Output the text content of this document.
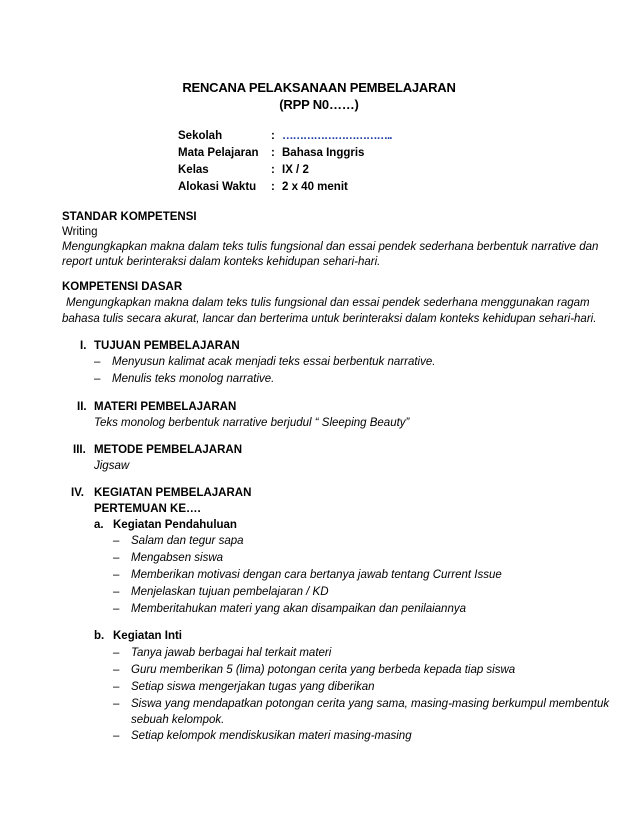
RENCANA PELAKSANAAN PEMBELAJARAN
(RPP N0……)
Sekolah	: …………………………..
Mata Pelajaran : Bahasa Inggris
Kelas	: IX / 2
Alokasi Waktu : 2 x 40 menit
STANDAR KOMPETENSI
Writing
Mengungkapkan makna dalam teks tulis fungsional dan essai pendek sederhana berbentuk narrative dan
report untuk berinteraksi dalam konteks kehidupan sehari-hari.
KOMPETENSI DASAR
Mengungkapkan makna dalam teks tulis fungsional dan essai pendek sederhana menggunakan ragam
bahasa tulis secara akurat, lancar dan berterima untuk berinteraksi dalam konteks kehidupan sehari-hari.
I. TUJUAN PEMBELAJARAN
– Menyusun kalimat acak menjadi teks essai berbentuk narrative.
– Menulis teks monolog narrative.
II. MATERI PEMBELAJARAN
Teks monolog berbentuk narrative berjudul “ Sleeping Beauty”
III. METODE PEMBELAJARAN
Jigsaw
IV. KEGIATAN PEMBELAJARAN
PERTEMUAN KE….
a. Kegiatan Pendahuluan
– Salam dan tegur sapa
– Mengabsen siswa
– Memberikan motivasi dengan cara bertanya jawab tentang Current Issue
– Menjelaskan tujuan pembelajaran / KD
– Memberitahukan materi yang akan disampaikan dan penilaiannya
b. Kegiatan Inti
– Tanya jawab berbagai hal terkait materi
– Guru memberikan 5 (lima) potongan cerita yang berbeda kepada tiap siswa
– Setiap siswa mengerjakan tugas yang diberikan
– Siswa yang mendapatkan potongan cerita yang sama, masing-masing berkumpul membentuk
sebuah kelompok.
– Setiap kelompok mendiskusikan materi masing-masing
